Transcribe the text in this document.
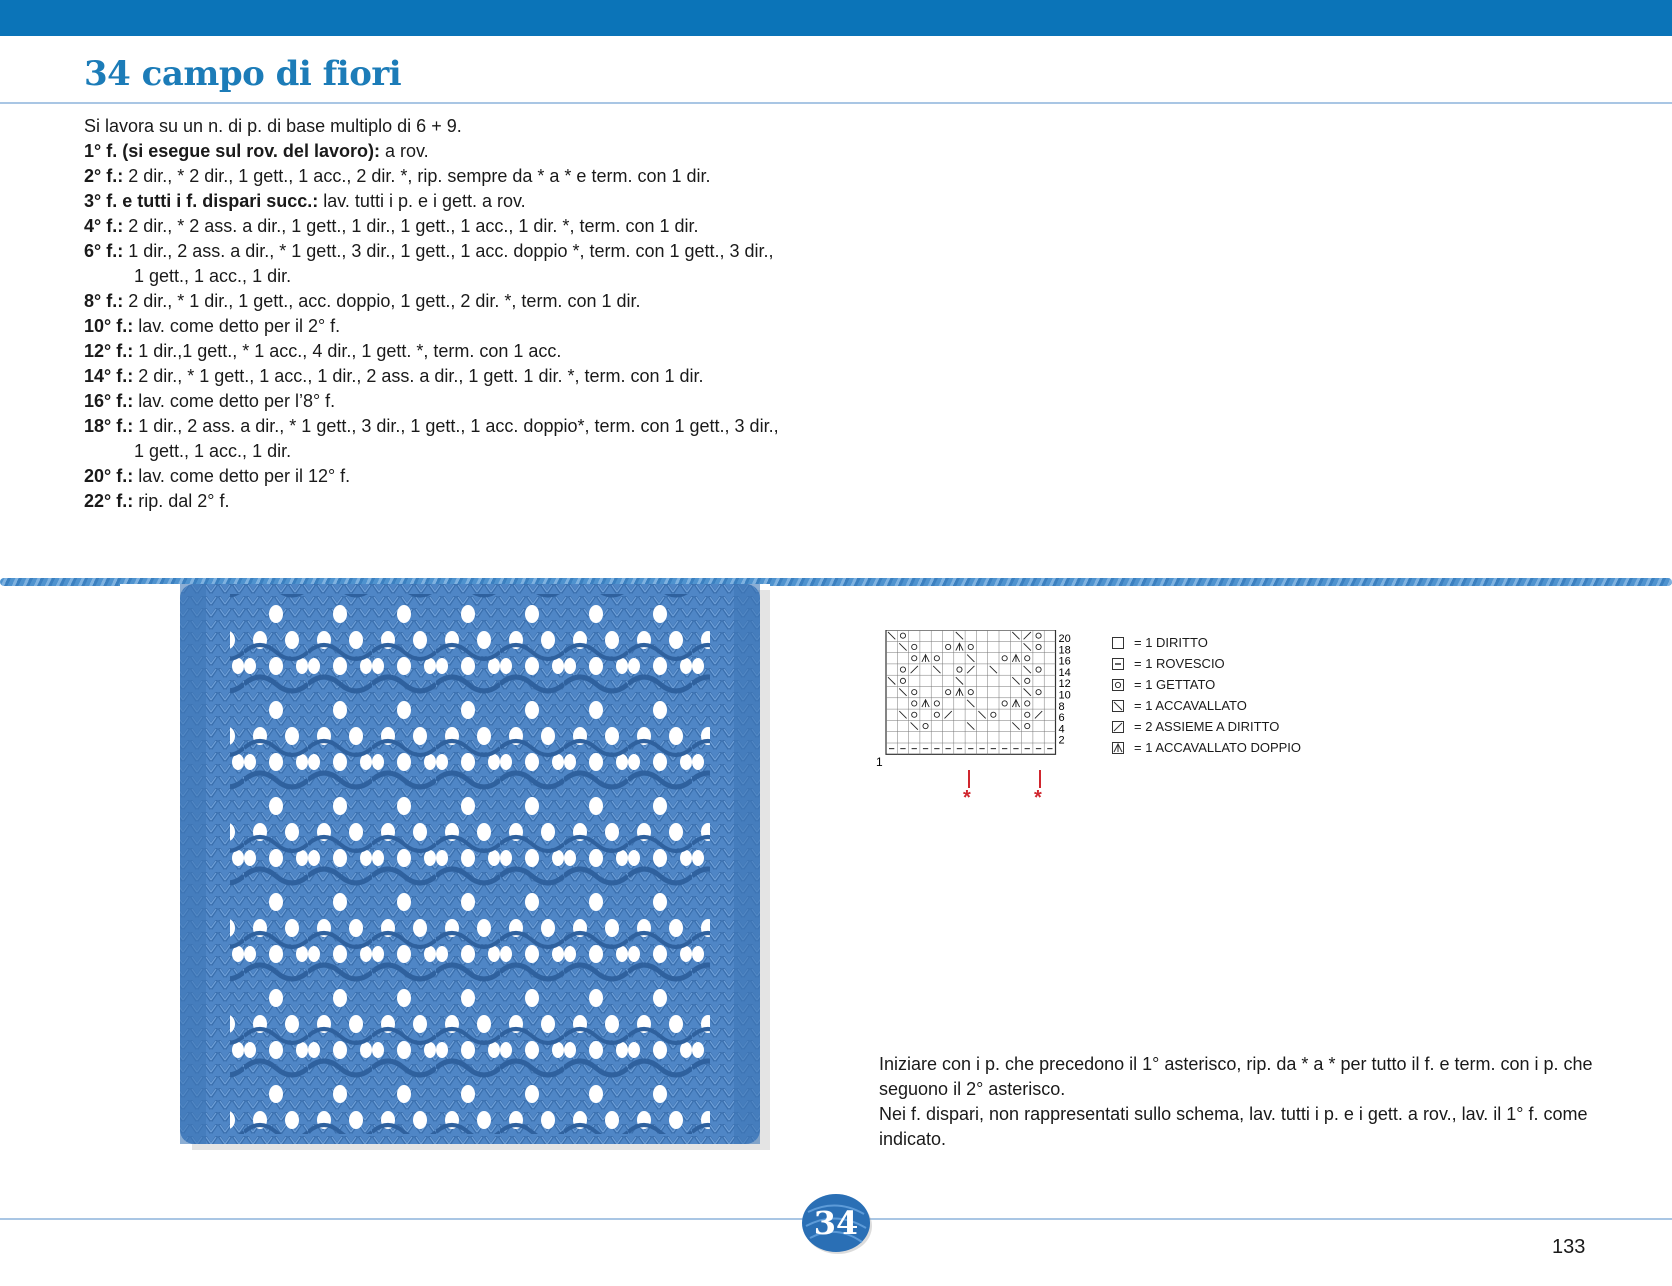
34 campo di fiori
Si lavora su un n. di p. di base multiplo di 6 + 9.
1° f. (si esegue sul rov. del lavoro): a rov.
2° f.: 2 dir., * 2 dir., 1 gett., 1 acc., 2 dir. *, rip. sempre da * a * e term. con 1 dir.
3° f. e tutti i f. dispari succ.: lav. tutti i p. e i gett. a rov.
4° f.: 2 dir., * 2 ass. a dir., 1 gett., 1 dir., 1 gett., 1 acc., 1 dir. *, term. con 1 dir.
6° f.: 1 dir., 2 ass. a dir., * 1 gett., 3 dir., 1 gett., 1 acc. doppio *, term. con 1 gett., 3 dir.,
1 gett., 1 acc., 1 dir.
8° f.: 2 dir., * 1 dir., 1 gett., acc. doppio, 1 gett., 2 dir. *, term. con 1 dir.
10° f.: lav. come detto per il 2° f.
12° f.: 1 dir.,1 gett., * 1 acc., 4 dir., 1 gett. *, term. con 1 acc.
14° f.: 2 dir., * 1 gett., 1 acc., 1 dir., 2 ass. a dir., 1 gett. 1 dir. *, term. con 1 dir.
16° f.: lav. come detto per l’8° f.
18° f.: 1 dir., 2 ass. a dir., * 1 gett., 3 dir., 1 gett., 1 acc. doppio*, term. con 1 gett., 3 dir.,
1 gett., 1 acc., 1 dir.
20° f.: lav. come detto per il 12° f.
22° f.: rip. dal 2° f.
20
18
16
14
12
10
8
6
4
2
1
*	*
= 1 DIRITTO
= 1 ROVESCIO
= 1 GETTATO
= 1 ACCAVALLATO
= 2 ASSIEME A DIRITTO
= 1 ACCAVALLATO DOPPIO

Iniziare con i p. che precedono il 1° asterisco, rip. da * a * per tutto il f. e term. con i p. che seguono il 2° asterisco.

Nei f. dispari, non rappresentati sullo schema, lav. tutti i p. e i gett. a rov., lav. il 1° f. come indicato.

34
133
